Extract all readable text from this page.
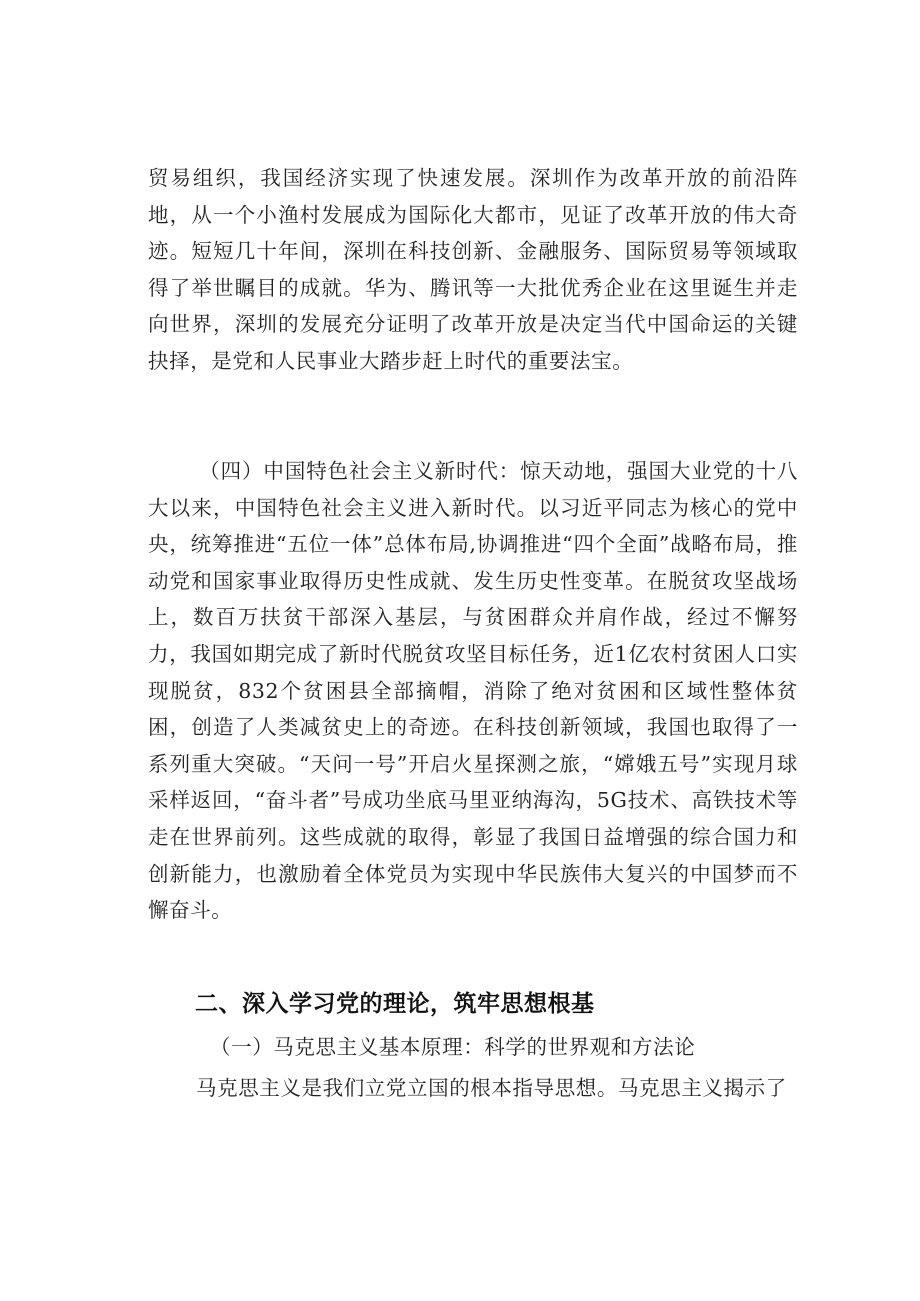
贸易组织，我国经济实现了快速发展。深圳作为改革开放的前沿阵地，从一个小渔村发展成为国际化大都市，见证了改革开放的伟大奇迹。短短几十年间，深圳在科技创新、金融服务、国际贸易等领域取得了举世瞩目的成就。华为、腾讯等一大批优秀企业在这里诞生并走向世界，深圳的发展充分证明了改革开放是决定当代中国命运的关键抉择，是党和人民事业大踏步赶上时代的重要法宝。

（四）中国特色社会主义新时代：惊天动地，强国大业党的十八大以来，中国特色社会主义进入新时代。以习近平同志为核心的党中央，统筹推进“五位一体”总体布局,协调推进“四个全面”战略布局，推动党和国家事业取得历史性成就、发生历史性变革。在脱贫攻坚战场上，数百万扶贫干部深入基层，与贫困群众并肩作战，经过不懈努力，我国如期完成了新时代脱贫攻坚目标任务，近1亿农村贫困人口实现脱贫，832个贫困县全部摘帽，消除了绝对贫困和区域性整体贫困，创造了人类减贫史上的奇迹。在科技创新领域，我国也取得了一系列重大突破。“天问一号”开启火星探测之旅，“嫦娥五号”实现月球采样返回，“奋斗者”号成功坐底马里亚纳海沟，5G技术、高铁技术等走在世界前列。这些成就的取得，彰显了我国日益增强的综合国力和创新能力，也激励着全体党员为实现中华民族伟大复兴的中国梦而不懈奋斗。

二、深入学习党的理论，筑牢思想根基

（一）马克思主义基本原理：科学的世界观和方法论

马克思主义是我们立党立国的根本指导思想。马克思主义揭示了
